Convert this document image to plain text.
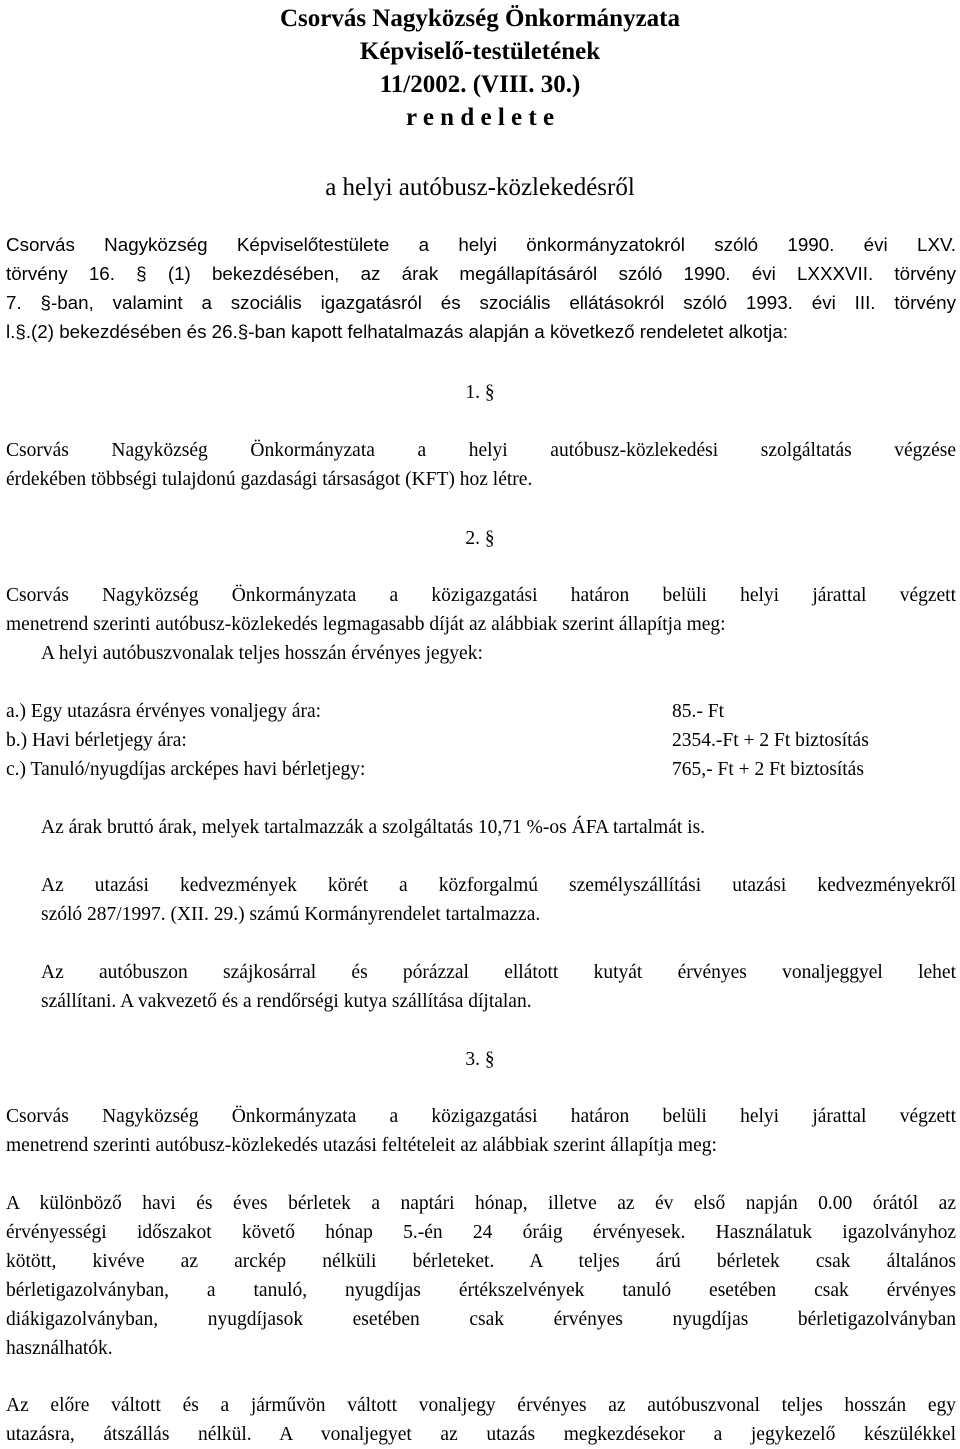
Csorvás Nagyközség Önkormányzata
Képviselő-testületének
11/2002. (VIII. 30.)
r e n d e l e t e
a helyi autóbusz-közlekedésről
Csorvás Nagyközség Képviselőtestülete a helyi önkormányzatokról szóló 1990. évi LXV.
törvény 16. § (1) bekezdésében, az árak megállapításáról szóló 1990. évi LXXXVII. törvény
7. §-ban, valamint a szociális igazgatásról és szociális ellátásokról szóló 1993. évi III. törvény
l.§.(2) bekezdésében és 26.§-ban kapott felhatalmazás alapján a következő rendeletet alkotja:
1. §
Csorvás Nagyközség Önkormányzata a helyi autóbusz-közlekedési szolgáltatás végzése
érdekében többségi tulajdonú gazdasági társaságot (KFT) hoz létre.
2. §
Csorvás Nagyközség Önkormányzata a közigazgatási határon belüli helyi járattal végzett
menetrend szerinti autóbusz-közlekedés legmagasabb díját az alábbiak szerint állapítja meg:
A helyi autóbuszvonalak teljes hosszán érvényes jegyek:
a.) Egy utazásra érvényes vonaljegy ára:	85.- Ft
b.) Havi bérletjegy ára:	2354.-Ft + 2 Ft biztosítás
c.) Tanuló/nyugdíjas arcképes havi bérletjegy:	765,- Ft + 2 Ft biztosítás
Az árak bruttó árak, melyek tartalmazzák a szolgáltatás 10,71 %-os ÁFA tartalmát is.
Az utazási kedvezmények körét a közforgalmú személyszállítási utazási kedvezményekről
szóló 287/1997. (XII. 29.) számú Kormányrendelet tartalmazza.
Az autóbuszon szájkosárral és pórázzal ellátott kutyát érvényes vonaljeggyel lehet
szállítani. A vakvezető és a rendőrségi kutya szállítása díjtalan.
3. §
Csorvás Nagyközség Önkormányzata a közigazgatási határon belüli helyi járattal végzett
menetrend szerinti autóbusz-közlekedés utazási feltételeit az alábbiak szerint állapítja meg:
A különböző havi és éves bérletek a naptári hónap, illetve az év első napján 0.00 órától az
érvényességi időszakot követő hónap 5.-én 24 óráig érvényesek. Használatuk igazolványhoz
kötött, kivéve az arckép nélküli bérleteket. A teljes árú bérletek csak általános
bérletigazolványban, a tanuló, nyugdíjas értékszelvények tanuló esetében csak érvényes
diákigazolványban, nyugdíjasok esetében csak érvényes nyugdíjas bérletigazolványban
használhatók.
Az előre váltott és a járművön váltott vonaljegy érvényes az autóbuszvonal teljes hosszán egy
utazásra, átszállás nélkül. A vonaljegyet az utazás megkezdésekor a jegykezelő készülékkel
